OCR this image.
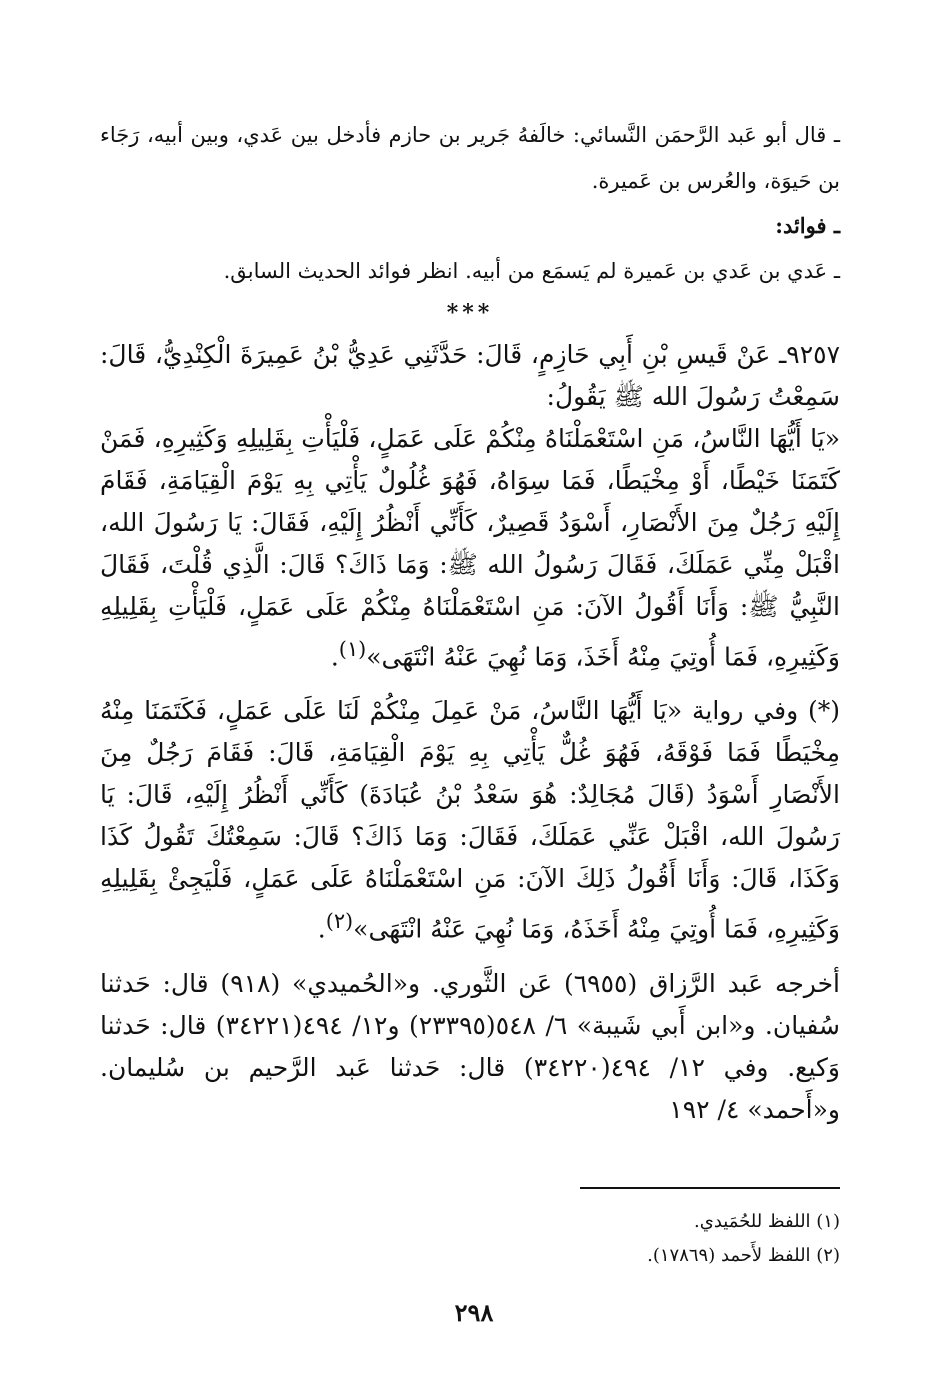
ـ قال أبو عَبد الرَّحمَن النَّسائي: خالَفهُ جَرير بن حازم فأدخل بين عَدي، وبين أبيه، رَجَاء بن حَيوَة، والعُرس بن عَميرة.

ـ فوائد:

ـ عَدي بن عَدي بن عَميرة لم يَسمَع من أبيه. انظر فوائد الحديث السابق.

***

٩٢٥٧ـ عَنْ قَيسِ بْنِ أَبِي حَازِمٍ، قَالَ: حَدَّثَنِي عَدِيُّ بْنُ عَمِيرَةَ الْكِنْدِيُّ، قَالَ: سَمِعْتُ رَسُولَ الله ﷺ يَقُولُ:

«يَا أَيُّهَا النَّاسُ، مَنِ اسْتَعْمَلْنَاهُ مِنْكُمْ عَلَى عَمَلٍ، فَلْيَأْتِ بِقَلِيلِهِ وَكَثِيرِهِ، فَمَنْ كَتَمَنَا خَيْطًا، أَوْ مِخْيَطًا، فَمَا سِوَاهُ، فَهُوَ غُلُولٌ يَأْتِي بِهِ يَوْمَ الْقِيَامَةِ، فَقَامَ إِلَيْهِ رَجُلٌ مِنَ الأَنْصَارِ، أَسْوَدُ قَصِيرٌ، كَأَنِّي أَنْظُرُ إِلَيْهِ، فَقَالَ: يَا رَسُولَ الله، اقْبَلْ مِنِّي عَمَلَكَ، فَقَالَ رَسُولُ الله ﷺ: وَمَا ذَاكَ؟ قَالَ: الَّذِي قُلْتَ، فَقَالَ النَّبِيُّ ﷺ: وَأَنَا أَقُولُ الآنَ: مَنِ اسْتَعْمَلْنَاهُ مِنْكُمْ عَلَى عَمَلٍ، فَلْيَأْتِ بِقَلِيلِهِ وَكَثِيرِهِ، فَمَا أُوتِيَ مِنْهُ أَخَذَ، وَمَا نُهِيَ عَنْهُ انْتَهَى»$^{(١)}$.

(*) وفي رواية «يَا أَيُّهَا النَّاسُ، مَنْ عَمِلَ مِنْكُمْ لَنَا عَلَى عَمَلٍ، فَكَتَمَنَا مِنْهُ مِخْيَطًا فَمَا فَوْقَهُ، فَهُوَ غُلٌّ يَأْتِي بِهِ يَوْمَ الْقِيَامَةِ، قَالَ: فَقَامَ رَجُلٌ مِنَ الأَنْصَارِ أَسْوَدُ (قَالَ مُجَالِدٌ: هُوَ سَعْدُ بْنُ عُبَادَةَ) كَأَنِّي أَنْظُرُ إِلَيْهِ، قَالَ: يَا رَسُولَ الله، اقْبَلْ عَنِّي عَمَلَكَ، فَقَالَ: وَمَا ذَاكَ؟ قَالَ: سَمِعْتُكَ تَقُولُ كَذَا وَكَذَا، قَالَ: وَأَنَا أَقُولُ ذَلِكَ الآنَ: مَنِ اسْتَعْمَلْنَاهُ عَلَى عَمَلٍ، فَلْيَجِئْ بِقَلِيلِهِ وَكَثِيرِهِ، فَمَا أُوتِيَ مِنْهُ أَخَذَهُ، وَمَا نُهِيَ عَنْهُ انْتَهَى»$^{(٢)}$.

أخرجه عَبد الرَّزاق (٦٩٥٥) عَن الثَّوري. و«الحُميدي» (٩١٨) قال: حَدثنا سُفيان. و«ابن أَبي شَيبة» ٦/ ٥٤٨(٢٣٣٩٥) و١٢/ ٤٩٤(٣٤٢٢١) قال: حَدثنا وَكيع. وفي ١٢/ ٤٩٤(٣٤٢٢٠) قال: حَدثنا عَبد الرَّحيم بن سُليمان. و«أَحمد» ٤/ ١٩٢

(١) اللفظ للحُمَيدي.
(٢) اللفظ لأَحمد (١٧٨٦٩).
٢٩٨
